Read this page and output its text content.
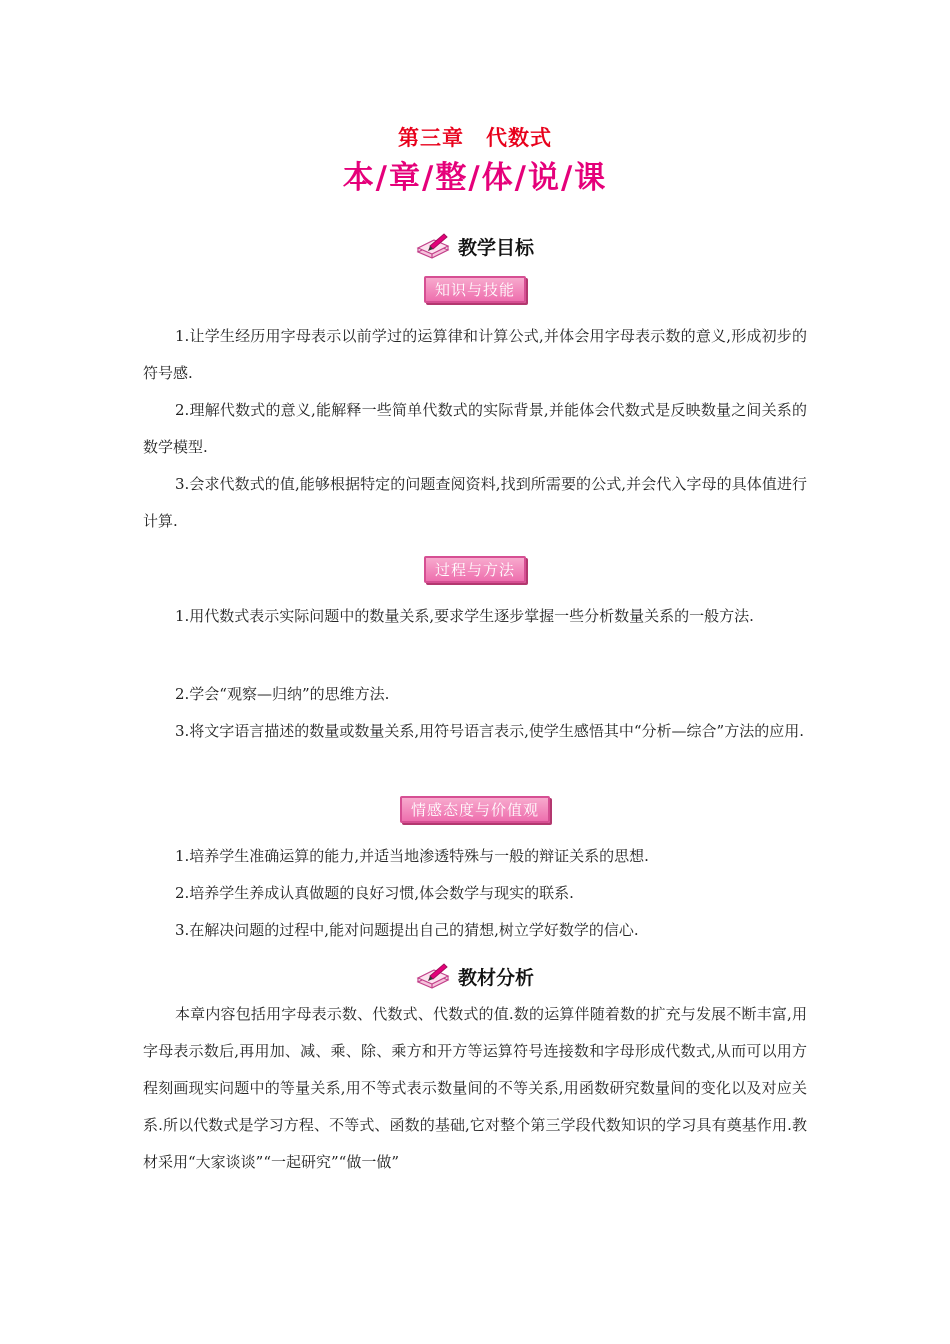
第三章　代数式
本/章/整/体/说/课
教学目标
知识与技能

1.让学生经历用字母表示以前学过的运算律和计算公式,并体会用字母表示数的意义,形成初步的符号感.

2.理解代数式的意义,能解释一些简单代数式的实际背景,并能体会代数式是反映数量之间关系的数学模型.

3.会求代数式的值,能够根据特定的问题查阅资料,找到所需要的公式,并会代入字母的具体值进行计算.

过程与方法

1.用代数式表示实际问题中的数量关系,要求学生逐步掌握一些分析数量关系的一般方法.

2.学会“观察—归纳”的思维方法.

3.将文字语言描述的数量或数量关系,用符号语言表示,使学生感悟其中“分析—综合”方法的应用.

情感态度与价值观

1.培养学生准确运算的能力,并适当地渗透特殊与一般的辩证关系的思想.

2.培养学生养成认真做题的良好习惯,体会数学与现实的联系.

3.在解决问题的过程中,能对问题提出自己的猜想,树立学好数学的信心.

教材分析

本章内容包括用字母表示数、代数式、代数式的值.数的运算伴随着数的扩充与发展不断丰富,用字母表示数后,再用加、减、乘、除、乘方和开方等运算符号连接数和字母形成代数式,从而可以用方程刻画现实问题中的等量关系,用不等式表示数量间的不等关系,用函数研究数量间的变化以及对应关系.所以代数式是学习方程、不等式、函数的基础,它对整个第三学段代数知识的学习具有奠基作用.教材采用“大家谈谈”“一起研究”“做一做”
